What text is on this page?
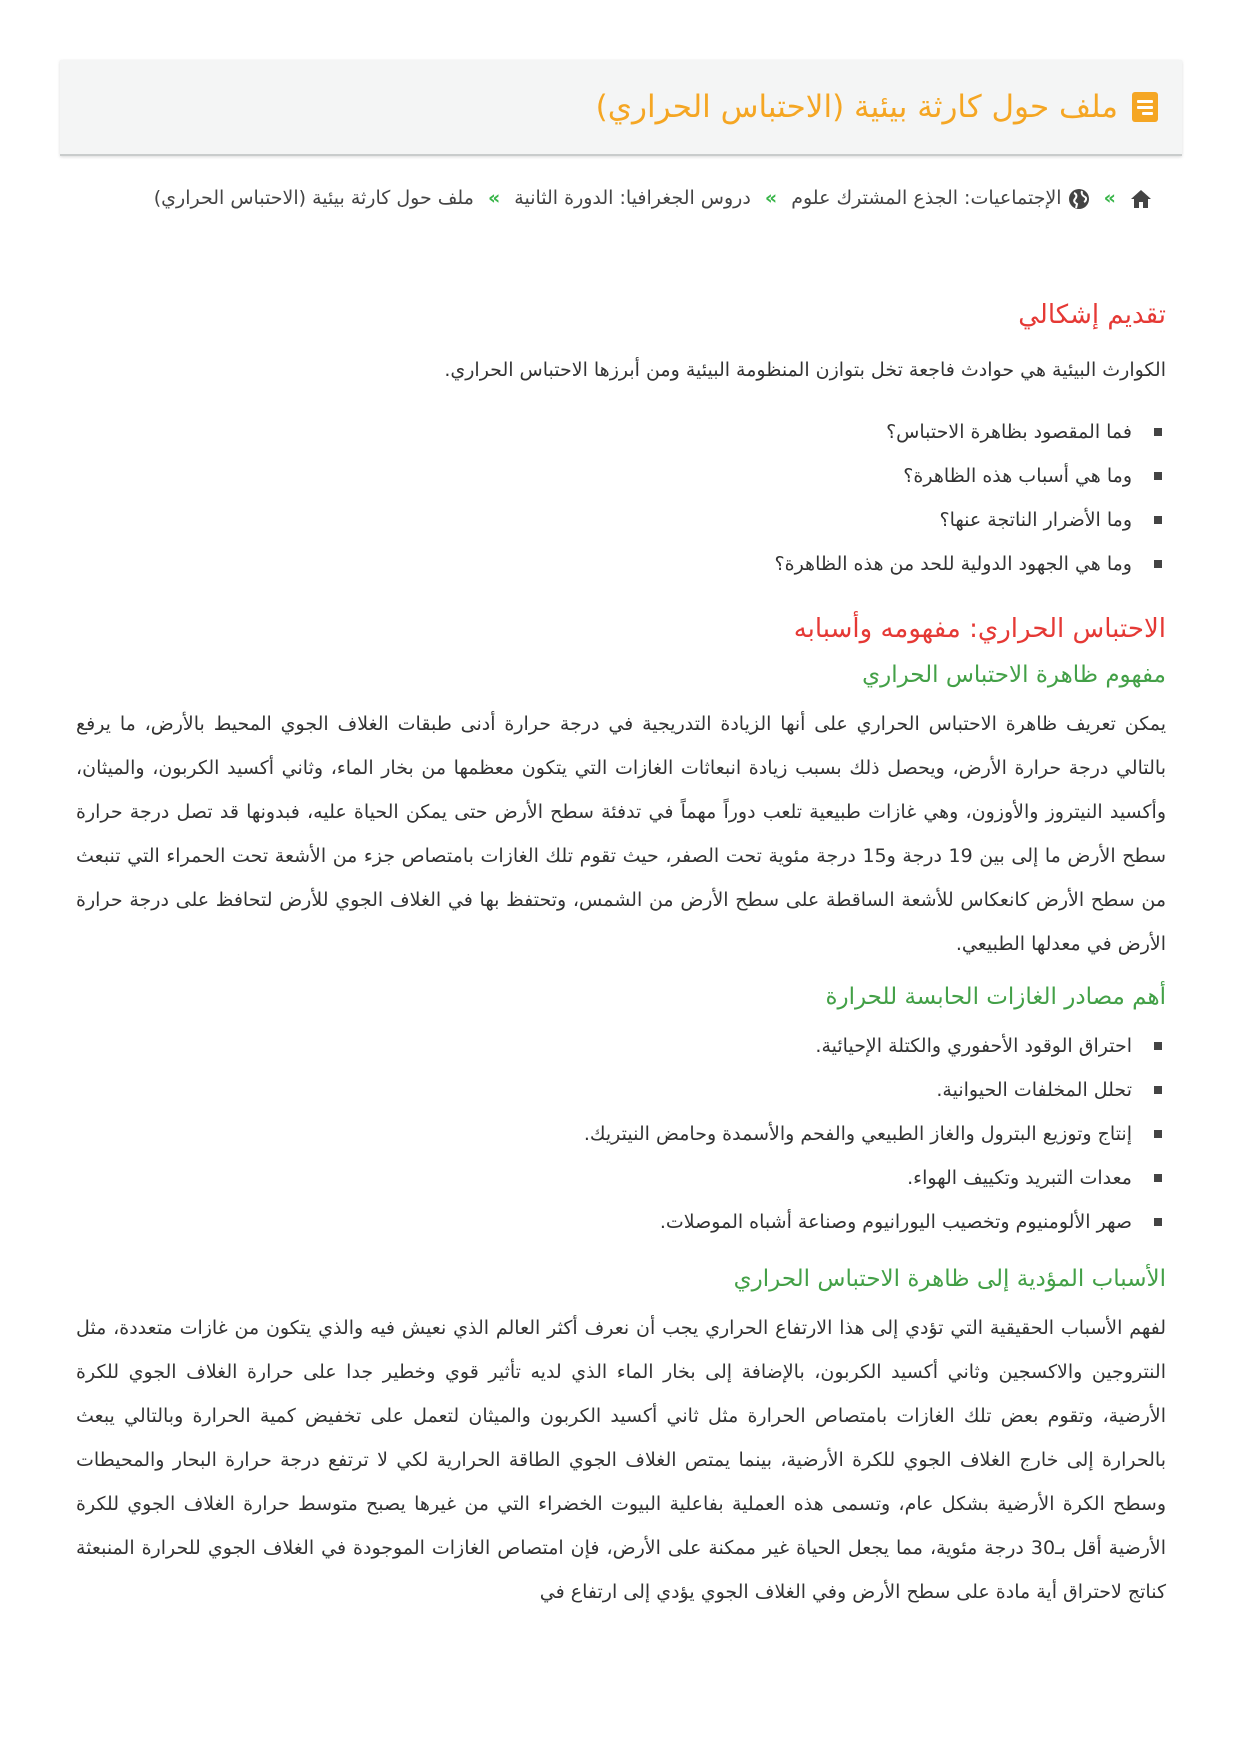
ملف حول كارثة بيئية (الاحتباس الحراري)
»  الإجتماعيات: الجذع المشترك علوم » دروس الجغرافيا: الدورة الثانية » ملف حول كارثة بيئية (الاحتباس الحراري)
تقديم إشكالي

الكوارث البيئية هي حوادث فاجعة تخل بتوازن المنظومة البيئية ومن أبرزها الاحتباس الحراري.

فما المقصود بظاهرة الاحتباس؟
وما هي أسباب هذه الظاهرة؟
وما الأضرار الناتجة عنها؟
وما هي الجهود الدولية للحد من هذه الظاهرة؟
الاحتباس الحراري: مفهومه وأسبابه
مفهوم ظاهرة الاحتباس الحراري

يمكن تعريف ظاهرة الاحتباس الحراري على أنها الزيادة التدريجية في درجة حرارة أدنى طبقات الغلاف الجوي المحيط بالأرض، ما يرفع بالتالي درجة حرارة الأرض، ويحصل ذلك بسبب زيادة انبعاثات الغازات التي يتكون معظمها من بخار الماء، وثاني أكسيد الكربون، والميثان، وأكسيد النيتروز والأوزون، وهي غازات طبيعية تلعب دوراً مهماً في تدفئة سطح الأرض حتى يمكن الحياة عليه، فبدونها قد تصل درجة حرارة سطح الأرض ما إلى بين 19 درجة و15 درجة مئوية تحت الصفر، حيث تقوم تلك الغازات بامتصاص جزء من الأشعة تحت الحمراء التي تنبعث من سطح الأرض كانعكاس للأشعة الساقطة على سطح الأرض من الشمس، وتحتفظ بها في الغلاف الجوي للأرض لتحافظ على درجة حرارة الأرض في معدلها الطبيعي.

أهم مصادر الغازات الحابسة للحرارة
احتراق الوقود الأحفوري والكتلة الإحيائية.
تحلل المخلفات الحيوانية.
إنتاج وتوزيع البترول والغاز الطبيعي والفحم والأسمدة وحامض النيتريك.
معدات التبريد وتكييف الهواء.
صهر الألومنيوم وتخصيب اليورانيوم وصناعة أشباه الموصلات.
الأسباب المؤدية إلى ظاهرة الاحتباس الحراري

لفهم الأسباب الحقيقية التي تؤدي إلى هذا الارتفاع الحراري يجب أن نعرف أكثر العالم الذي نعيش فيه والذي يتكون من غازات متعددة، مثل النتروجين والاكسجين وثاني أكسيد الكربون، بالإضافة إلى بخار الماء الذي لديه تأثير قوي وخطير جدا على حرارة الغلاف الجوي للكرة الأرضية، وتقوم بعض تلك الغازات بامتصاص الحرارة مثل ثاني أكسيد الكربون والميثان لتعمل على تخفيض كمية الحرارة وبالتالي يبعث بالحرارة إلى خارج الغلاف الجوي للكرة الأرضية، بينما يمتص الغلاف الجوي الطاقة الحرارية لكي لا ترتفع درجة حرارة البحار والمحيطات وسطح الكرة الأرضية بشكل عام، وتسمى هذه العملية بفاعلية البيوت الخضراء التي من غيرها يصبح متوسط حرارة الغلاف الجوي للكرة الأرضية أقل بـ30 درجة مئوية، مما يجعل الحياة غير ممكنة على الأرض، فإن امتصاص الغازات الموجودة في الغلاف الجوي للحرارة المنبعثة كناتج لاحتراق أية مادة على سطح الأرض وفي الغلاف الجوي يؤدي إلى ارتفاع في
